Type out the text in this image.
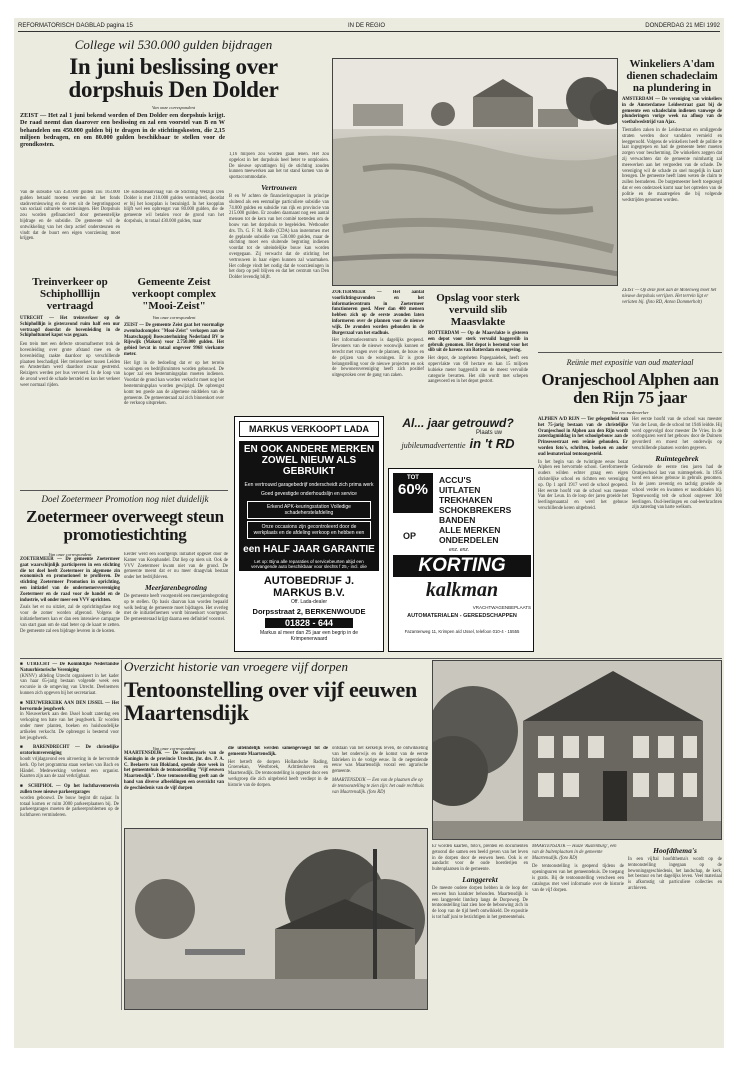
REFORMATORISCH DAGBLAD pagina 15	IN DE REGIO	DONDERDAG 21 MEI 1992
College wil 530.000 gulden bijdragen
In juni beslissing over dorpshuis Den Dolder
Van onze correspondent
ZEIST — Het zal 1 juni bekend worden of Den Dolder een dorpshuis krijgt. De raad neemt dan daarover een beslissing en zal een voorstel van B en W behandelen om 450.000 gulden bij te dragen in de stichtingskosten, die 2,15 miljoen bedragen, en om 80.000 gulden beschikbaar te stellen voor de grondkosten.
Van de subsidie van 450.000 gulden zou 163.000 gulden betaald moeten worden uit het fonds stadsvernieuwing en de rest uit de begrotingspost van sociaal culturele voorzieningen. Het Dorpshuis zou worden gefinancierd door gemeentelijke bijdrage en de subsidie. De gemeente wil de ontwikkeling van het dorp actief ondersteunen en vindt dat de buurt een eigen voorziening moet krijgen.
De subsidieaanvraag van de Stichting Welzijn Den Dolder is met 210.000 gulden verminderd, doordat er bij het koopplan is bezuinigd. In het koopplan blijft wel een opbrengst van 80.000 gulden, die de gemeente wil betalen voor de grond van het dorpshuis, in totaal 430.000 gulden, maar
1,16 miljoen zou worden gaan lenen. Het zou opgelost in het dorpshuis heel beter te ontplooien. De nieuwe opvattingen bij de stichting zouden kunnen meewerken aan het tot stand komen van de sportaccommodatie.
Vertrouwen
B en W achten de financieringsopzet in principe sluitend als een eenmalige particuliere subsidie van 74.000 gulden en subsidie van rijk en provincie van 215.000 gulden. Er zouden daarnaast nog een aantal mensen tot de kern van het comité toetreden om de bouw van het dorpshuis te begeleiden. Wethouder drs. Th. G. F. M. Rolfe (CDA) kan instemmen met de geplande subsidie van 530.000 gulden, maar de stichting moet een sluitende begroting indienen voordat tot de uiteindelijke bouw kan worden overgegaan. Zij verwacht dat de stichting het vertrouwen in haar eigen kunnen zal waarmaken. Het college vindt het nodig dat de voorzieningen in het dorp op peil blijven en dat het centrum van Den Dolder levendig blijft.
Treinverkeer op Schipholllijn vertraagd
UTRECHT — Het treinverkeer op de Schipholllijn is gisteravond ruim half een uur vertraagd doordat de bovenleiding in de Schipholtunnel kapot was gegaan.
Een trein met een defecte stroomafnemer trok de bovenleiding over grote afstand mee en de bovenleiding raakte daardoor op verschillende plaatsen beschadigd. Het treinverkeer tussen Leiden en Amsterdam werd daardoor zwaar gestremd. Reizigers werden per bus vervoerd. In de loop van de avond werd de schade hersteld en kon het verkeer weer normaal rijden.
Gemeente Zeist verkoopt complex "Mooi-Zeist"
Van onze correspondent
ZEIST — De gemeente Zeist gaat het voormalige zwembadcomplex "Mooi-Zeist" verkopen aan de Maatschappij Boswaterhuizing Nederland BV te Rijswijk (Makon) voor 2.750.000 gulden. Het gebied bevat in totaal ongeveer 9968 vierkante meter.
Het ligt in de bedoeling dat er op het terrein woningen en bedrijfsruimten worden gebouwd. De koper zal een bestemmingsplan moeten indienen. Voordat de grond kan worden verkocht moet nog het bestemmingsplan worden gewijzigd. De opbrengst komt ten goede aan de algemene middelen van de gemeente. De gemeenteraad zal zich binnenkort over de verkoop uitspreken.
ZEIST — Op deze plek aan de Molenweg moet het nieuwe dorpshuis verrijzen. Het terrein ligt er verlaten bij. (foto RD, Anton Dommerholt)
ZOETERMEER — Het aantal voorlichtingsavonden en het informatiecentrum in Zoetermeer functioneren goed. Meer dan 400 mensen hebben zich op de eerste avonden laten informeren over de plannen voor de nieuwe wijk. De avonden worden gehouden in de Burgerzaal van het stadhuis.
Het informatiecentrum is dagelijks geopend. Bewoners van de nieuwe woonwijk kunnen er terecht met vragen over de plannen, de bouw en de prijzen van de woningen. Er is grote belangstelling voor de nieuwe projecten en ook de bewonersvereniging heeft zich positief uitgesproken over de gang van zaken.
Opslag voor sterk vervuild slib Maasvlakte
ROTTERDAM — Op de Maasvlakte is gisteren een depot voor sterk vervuild baggerslib in gebruik genomen. Het depot is bestemd voor het slib uit de havens van Rotterdam en omgeving.
Het depot, de zogeheten Papegaaiebek, heeft een oppervlakte van 60 hectare en kan 15 miljoen kubieke meter baggerslib van de meest vervuilde categorie bevatten. Het slib wordt met schepen aangevoerd en in het depot gestort.
Winkeliers A'dam dienen schadeclaim na plundering in
AMSTERDAM — De vereniging van winkeliers in de Amsterdamse Leidsestraat gaat bij de gemeente een schadeclaim indienen vanwege de plunderingen vorige week na afloop van de voetbalwedstrijd van Ajax.
Tientallen zaken in de Leidsestraat en omliggende straten werden door vandalen vernield en leeggeroofd. Volgens de winkeliers heeft de politie te laat ingegrepen en had de gemeente beter moeten zorgen voor bescherming. De winkeliers zeggen dat zij verwachten dat de gemeente ruimhartig zal meewerken aan het vergoeden van de schade. De vereniging wil de schade zo snel mogelijk in kaart brengen. De gemeente heeft laten weten de claim te zullen bestuderen. De burgemeester heeft toegezegd dat er een onderzoek komt naar het optreden van de politie en de maatregelen die bij volgende wedstrijden genomen worden.
MARKUS VERKOOPT LADA
EN OOK ANDERE MERKEN ZOWEL NIEUW ALS GEBRUIKT
Een vertrouwd garagebedrijf onderscheidt zich prima werk
Goed gevestigde onderhoudslijn en service
Erkend APK-keuringsstation Volledige schadeherstelafdeling
Onze occasions zijn gecontroleerd door de werkplaats en de afdeling verkoop en hebben een
een HALF JAAR GARANTIE
Let op: Bijna alle reparaties of servicebeurten altijd een vervangende auto beschikbaar voor slechts f 25,- incl. olie
AUTOBEDRIJF J. MARKUS B.V.
Off. Lada-dealer
Dorpsstraat 2, BERKENWOUDE
01828 - 644
Markus al meer dan 25 jaar een begrip in de Krimpenerwaard
Al... jaar getrouwd?
Plaats uw
jubileumadvertentie in 't RD
TOT
60%
OP
ACCU'S
UITLATEN
TREKHAKEN
SCHOKBREKERS
BANDEN
ALLE MERKEN
ONDERDELEN
enz. enz.
KORTING
kalkman
VRACHTWAGENBEPLAATS
AUTOMATERIALEN - GEREEDSCHAPPEN
Fazantenweg 11, Krimpen a/d IJssel, telefoon 010-4 - 15555
Reünie met expositie van oud materiaal
Oranjeschool Alphen aan den Rijn 75 jaar
Van een medewerker
ALPHEN A/D RIJN — Ter gelegenheid van het 75-jarig bestaan van de christelijke Oranjeschool in Alphen aan den Rijn wordt zaterdagmiddag in het schoolgebouw aan de Prinsessestraat een reünie gehouden. Er worden foto's, schriften, boeken en ander oud lesmateriaal tentoongesteld.
In het begin van de twintigste eeuw bezat Alphen een hervormde school. Gereformeerde ouders wilden echter graag een eigen christelijke school en richtten een vereniging op. Op 1 april 1917 werd de school geopend. Het eerste hoofd van de school was meester Van der Leun. In de loop der jaren groeide het leerlingenaantal en werd het gebouw verschillende keren uitgebreid.
Het eerste hoofd van de school was meester Van der Leun, die de school tot 1946 leidde. Hij werd opgevolgd door meester De Vries. In de oorlogsjaren werd het gebouw door de Duitsers gevorderd en moest het onderwijs op verschillende plaatsen worden gegeven.
Ruimtegebrek
Gedurende de eerste tien jaren had de Oranjeschool last van ruimtegebrek. In 1956 werd een nieuw gebouw in gebruik genomen. In de jaren zeventig en tachtig groeide de school verder en kwamen er noodlokalen bij. Tegenwoordig telt de school ongeveer 300 leerlingen. Oud-leerlingen en oud-leerkrachten zijn zaterdag van harte welkom.
Doel Zoetermeer Promotion nog niet duidelijk
Zoetermeer overweegt steun promotiestichting
Van onze correspondent
ZOETERMEER — De gemeente Zoetermeer gaat waarschijnlijk participeren in een stichting die tot doel heeft Zoetermeer in algemene zin economisch en promotioneel te profileren. De stichting Zoetermeer Promotion in oprichting, een initiatief van de ondernemersvereniging Zoetermeer en de raad voor de handel en de industrie, wil onder meer een VVV oprichten.
Zoals het er nu uitziet, zal de oprichtingsfase nog voor de zomer worden afgerond. Volgens de initiatiefnemers kan er dan een intensieve campagne van start gaan om de stad beter op de kaart te zetten. De gemeente zal een bijdrage leveren in de kosten.
Eerder werd een soortgelijk initiatief opgezet door de Kamer van Koophandel. Dat liep op niets uit. Ook de VVV Zoetermeer kwam niet van de grond. De gemeente meent dat er nu meer draagvlak bestaat onder het bedrijfsleven.
Meerjarenbegroting
De gemeente heeft voorgesteld een meerjarenbegroting op te stellen. Op basis daarvan kan worden bepaald welk bedrag de gemeente moet bijdragen. Het overleg met de initiatiefnemers wordt binnenkort voortgezet. De gemeenteraad krijgt daarna een definitief voorstel.
Overzicht historie van vroegere vijf dorpen
Tentoonstelling over vijf eeuwen Maartensdijk
Van onze correspondent
MAARTENSDIJK — De commissaris van de Koningin in de provincie Utrecht, jhr. drs. P. A. C. Beelaerts van Blokland, opende deze week in het gemeentehuis de tentoonstelling "Vijf eeuwen Maartensdijk". Deze tentoonstelling geeft aan de hand van diverse afbeeldingen een overzicht van de geschiedenis van de vijf dorpen
die uiteindelijk werden samengevoegd tot de gemeente Maartensdijk.
Het betreft de dorpen Hollandsche Rading, Groenekan, Westbroek, Achttienhoven en Maartensdijk. De tentoonstelling is opgezet door een werkgroep die zich uitgebreid heeft verdiept in de historie van de dorpen.
ontstaan van het kerkelijk leven, de ontwikkeling van het onderwijs en de komst van de eerste fabrieken in de vorige eeuw. In de negentiende eeuw was Maartensdijk vooral een agrarische gemeente.
MAARTENSDIJK — Een van de plaatsen die op de tentoonstelling te zien zijn: het oude rechthuis van Maartensdijk. (foto RD)
Er worden kaarten, foto's, prenten en documenten getoond die samen een beeld geven van het leven in de dorpen door de eeuwen heen. Ook is er aandacht voor de oude boerderijen en buitenplaatsen in de gemeente.
Langgerekt
De meeste oudere dorpen hebben in de loop der eeuwen hun karakter behouden. Maartensdijk is een langgerekt lintdorp langs de Dorpsweg. De tentoonstelling laat zien hoe de bebouwing zich in de loop van de tijd heeft ontwikkeld. De expositie is tot half juni te bezichtigen in het gemeentehuis.
MAARTENSDIJK — Huize 'Rustenburg', een van de buitenplaatsen in de gemeente Maartensdijk. (foto RD)
De tentoonstelling is geopend tijdens de openingsuren van het gemeentehuis. De toegang is gratis. Bij de tentoonstelling verscheen een catalogus met veel informatie over de historie van de vijf dorpen.
Hoofdthema's
In een vijftal hoofdthema's wordt op de tentoonstelling ingegaan op de bewoningsgeschiedenis, het landschap, de kerk, het bestuur en het dagelijks leven. Veel materiaal is afkomstig uit particuliere collecties en archieven.
■ UTRECHT — De Koninklijke Nederlandse Natuurhistorische Vereniging
(KNNV) afdeling Utrecht organiseert in het kader van haar 65-jarig bestaan volgende week een excursie in de omgeving van Utrecht. Deelnemers kunnen zich opgeven bij het secretariaat.
■ NIEUWERKERK AAN DEN IJSSEL — Het hervormde jeugdwerk
in Nieuwerkerk aan den IJssel houdt zaterdag een verkoping ten bate van het jeugdwerk. Er worden onder meer planten, boeken en huishoudelijke artikelen verkocht. De opbrengst is bestemd voor het jeugdwerk.
■ BARENDRECHT — De christelijke oratoriumvereniging
houdt vrijdagavond een uitvoering in de hervormde kerk. Op het programma staan werken van Bach en Händel. Medewerking verleent een organist. Kaarten zijn aan de zaal verkrijgbaar.
■ SCHIPHOL — Op het luchthaventerrein zullen twee nieuwe parkeergarages
worden gebouwd. De bouw begint dit najaar. In totaal komen er ruim 2000 parkeerplaatsen bij. De parkeergarages moeten de parkeerproblemen op de luchthaven verminderen.
